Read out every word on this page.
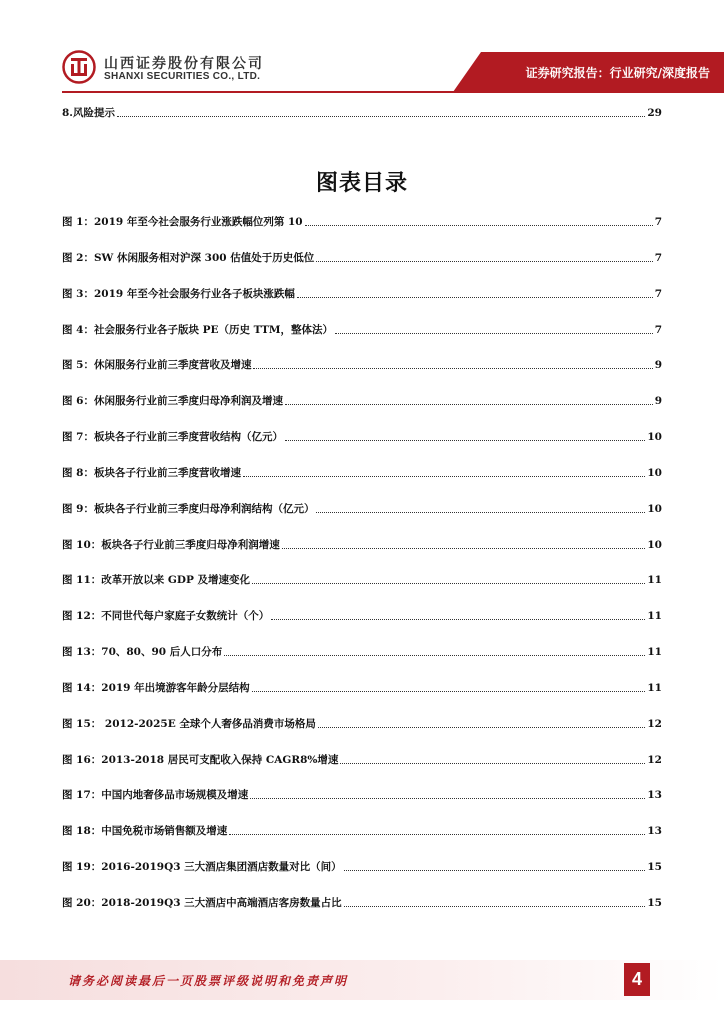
山西证券股份有限公司
SHANXI SECURITIES CO., LTD.	证券研究报告：行业研究/深度报告
8.风险提示	29
图表目录
图 1：2019 年至今社会服务行业涨跌幅位列第 10	7
图 2：SW 休闲服务相对沪深 300 估值处于历史低位	7
图 3：2019 年至今社会服务行业各子板块涨跌幅	7
图 4：社会服务行业各子版块 PE（历史 TTM，整体法）	7
图 5：休闲服务行业前三季度营收及增速	9
图 6：休闲服务行业前三季度归母净利润及增速	9
图 7：板块各子行业前三季度营收结构（亿元）	10
图 8：板块各子行业前三季度营收增速	10
图 9：板块各子行业前三季度归母净利润结构（亿元）	10
图 10：板块各子行业前三季度归母净利润增速	10
图 11：改革开放以来 GDP 及增速变化	11
图 12：不同世代每户家庭子女数统计（个）	11
图 13：70、80、90 后人口分布	11
图 14：2019 年出境游客年龄分层结构	11
图 15： 2012-2025E 全球个人奢侈品消费市场格局	12
图 16：2013-2018 居民可支配收入保持 CAGR8%增速	12
图 17：中国内地奢侈品市场规模及增速	13
图 18：中国免税市场销售额及增速	13
图 19：2016-2019Q3 三大酒店集团酒店数量对比（间）	15
图 20：2018-2019Q3 三大酒店中高端酒店客房数量占比	15
请务必阅读最后一页股票评级说明和免责声明	4
